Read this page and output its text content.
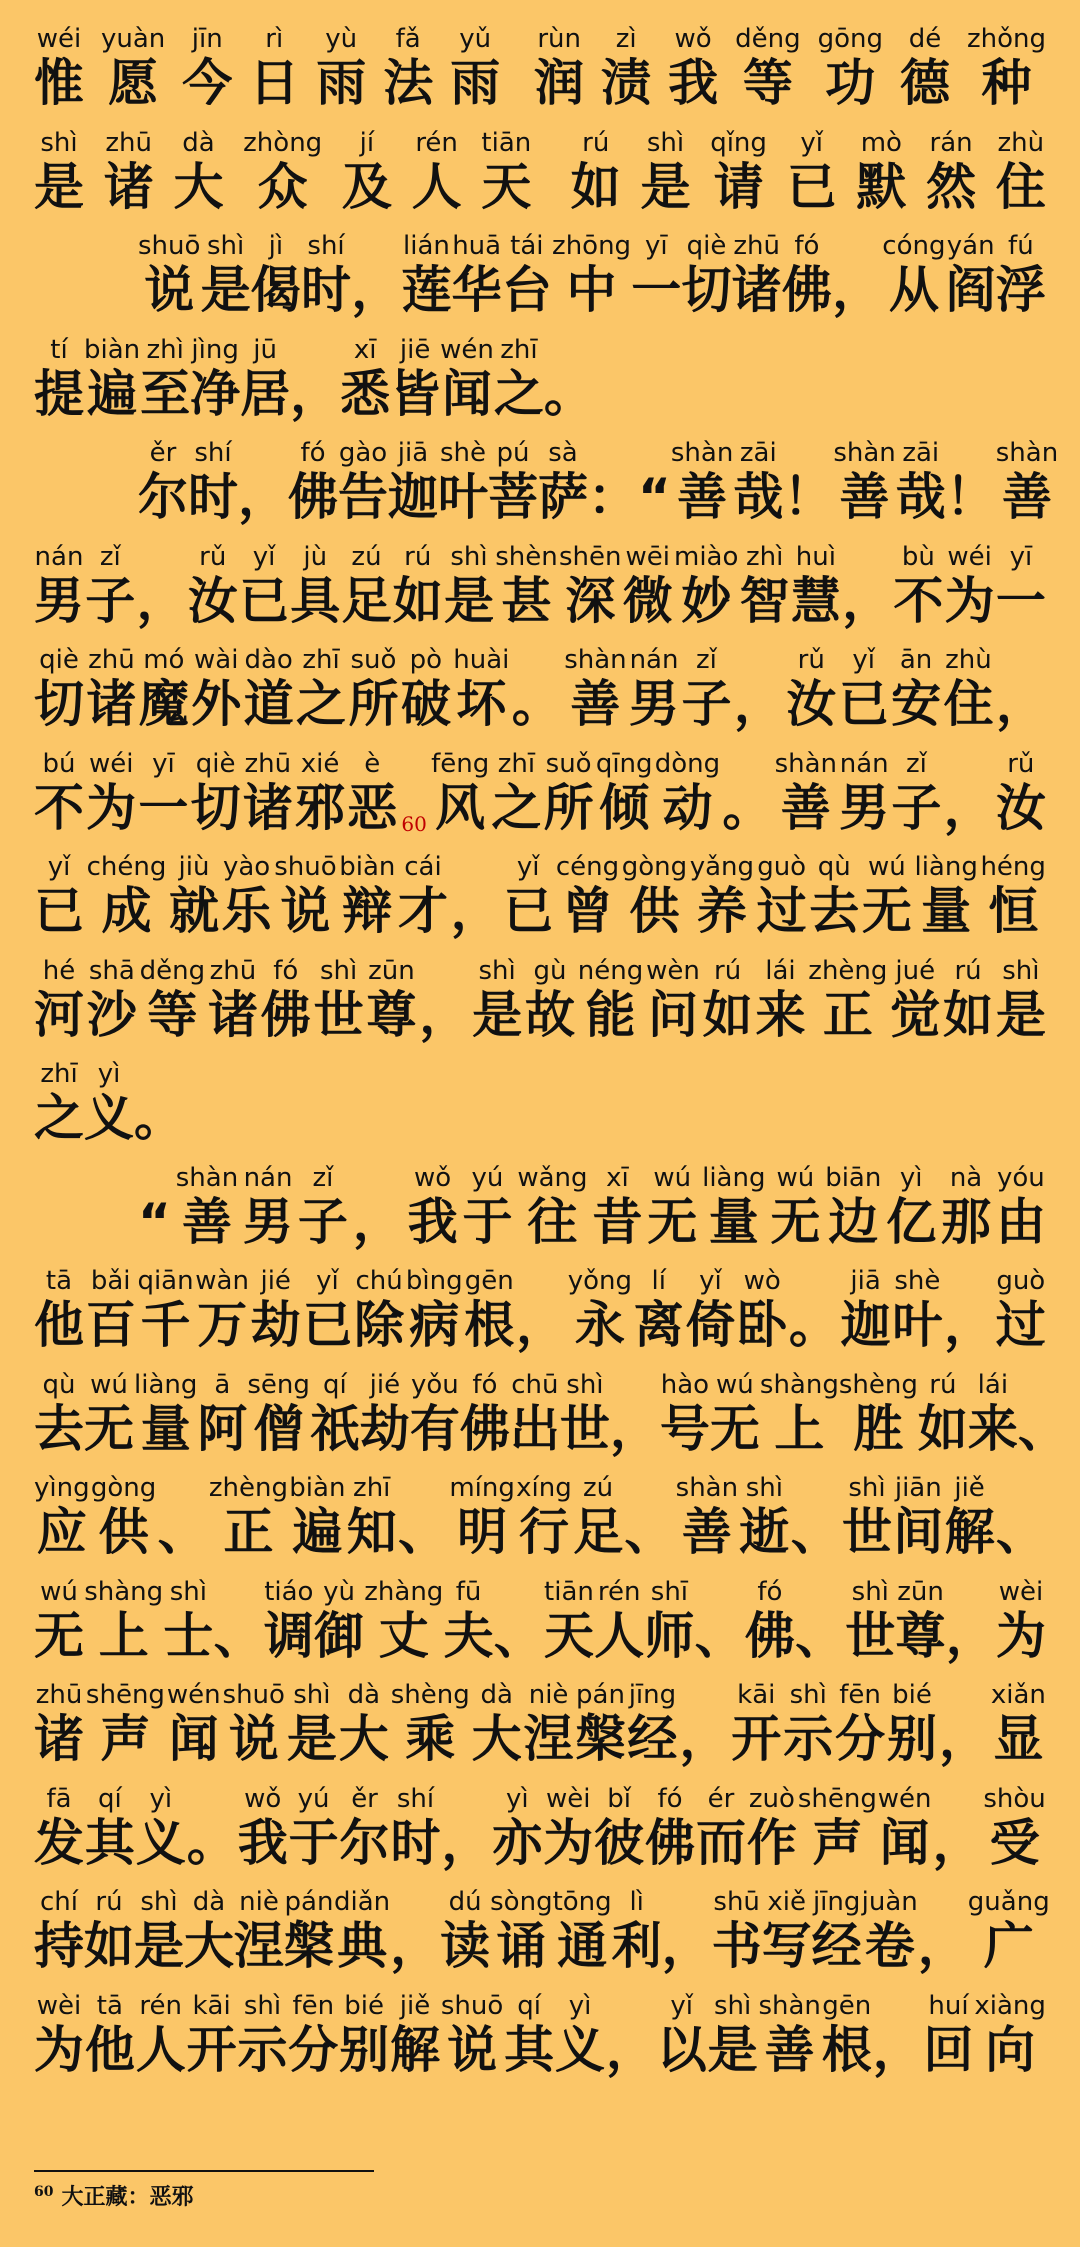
惟wéi
愿yuàn
今jīn
日rì
雨yù
法fǎ
雨yǔ
润rùn
渍zì
我wǒ
等děng
功gōng
德dé
种zhǒng
是shì
诸zhū
大dà
众zhòng
及jí
人rén
天tiān
如rú
是shì
请qǐng
已yǐ
默mò
然rán
住zhù
说shuō
是shì
偈jì
时shí
， 莲lián
华huā
台tái
中zhōng
一yī
切qiè
诸zhū
佛fó
， 从cóng
阎yán
浮fú
提tí
遍biàn
至zhì
净jìng
居jū
， 悉xī
皆jiē
闻wén
之zhī
。
尔ěr
时shí
， 佛fó
告gào
迦jiā
叶shè
菩pú
萨sà
：“ 善shàn
哉zāi
！ 善shàn
哉zāi
！ 善shàn
男nán
子zǐ
， 汝rǔ
已yǐ
具jù
足zú
如rú
是shì
甚shèn
深shēn
微wēi
妙miào
智zhì
慧huì
， 不bù
为wéi
一yī
切qiè
诸zhū
魔mó
外wài
道dào
之zhī
所suǒ
破pò
坏huài
。 善shàn
男nán
子zǐ
， 汝rǔ
已yǐ
安ān
住zhù
，
不bú
为wéi
一yī
切qiè
诸zhū
邪xié
恶è
60 风fēng
之zhī
所suǒ
倾qīng
动dòng
。 善shàn
男nán
子zǐ
， 汝rǔ
已yǐ
成chéng
就jiù
乐yào
说shuō
辩biàn
才cái
， 已yǐ
曾céng
供gòng
养yǎng
过guò
去qù
无wú
量liàng
恒héng
河hé
沙shā
等děng
诸zhū
佛fó
世shì
尊zūn
， 是shì
故gù
能néng
问wèn
如rú
来lái
正zhèng
觉jué
如rú
是shì
之zhī
义yì
。
“ 善shàn
男nán
子zǐ
， 我wǒ
于yú
往wǎng
昔xī
无wú
量liàng
无wú
边biān
亿yì
那nà
由yóu
他tā
百bǎi
千qiān
万wàn
劫jié
已yǐ
除chú
病bìng
根gēn
， 永yǒng
离lí
倚yǐ
卧wò
。 迦jiā
叶shè
， 过guò
去qù
无wú
量liàng
阿ā
僧sēng
祇qí
劫jié
有yǒu
佛fó
出chū
世shì
， 号hào
无wú
上shàng
胜shèng
如rú
来lái
、
应yìng
供gòng
、 正zhèng
遍biàn
知zhī
、 明míng
行xíng
足zú
、 善shàn
逝shì
、 世shì
间jiān
解jiě
、
无wú
上shàng
士shì
、 调tiáo
御yù
丈zhàng
夫fū
、 天tiān
人rén
师shī
、 佛fó
、 世shì
尊zūn
， 为wèi
诸zhū
声shēng
闻wén
说shuō
是shì
大dà
乘shèng
大dà
涅niè
槃pán
经jīng
， 开kāi
示shì
分fēn
别bié
， 显xiǎn
发fā
其qí
义yì
。 我wǒ
于yú
尔ěr
时shí
， 亦yì
为wèi
彼bǐ
佛fó
而ér
作zuò
声shēng
闻wén
， 受shòu
持chí
如rú
是shì
大dà
涅niè
槃pán
典diǎn
， 读dú
诵sòng
通tōng
利lì
， 书shū
写xiě
经jīng
卷juàn
， 广guǎng
为wèi
他tā
人rén
开kāi
示shì
分fēn
别bié
解jiě
说shuō
其qí
义yì
， 以yǐ
是shì
善shàn
根gēn
， 回huí
向xiàng
$^{60}$ 大正藏：恶邪
